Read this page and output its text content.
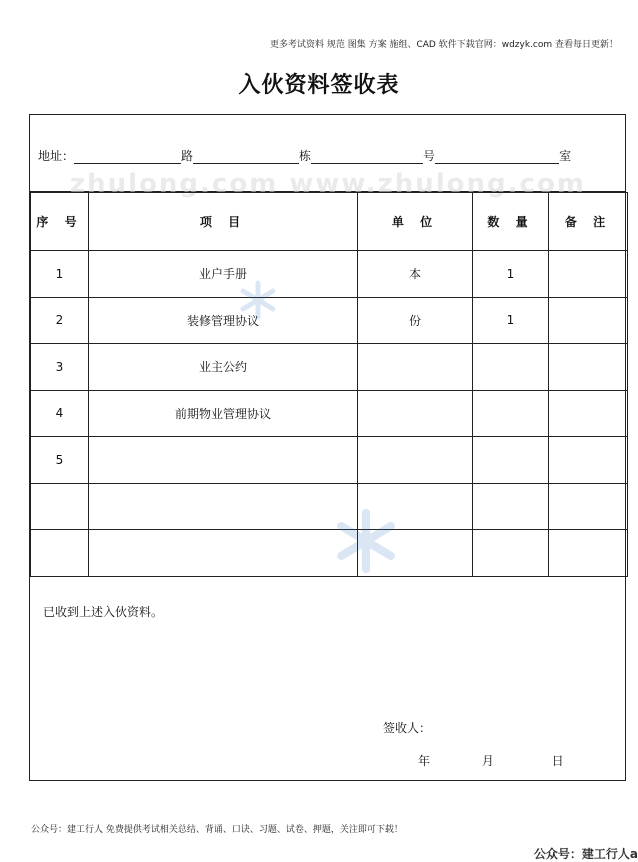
更多考试资料 规范 图集 方案 施组、CAD 软件下载官网：wdzyk.com 查看每日更新！
入伙资料签收表
地址：	路	栋	号	室
zhulong.com www.zhulong.com
序 号	项 目	单 位	数 量	备 注
1	业户手册	本	1	
2	装修管理协议	份	1	
3	业主公约			
4	前期物业管理协议			
5				

已收到上述入伙资料。
签收人：
年	月	日
公众号：建工行人 免费提供考试相关总结、背诵、口诀、习题、试卷、押题，关注即可下载！
公众号：建工行人a
